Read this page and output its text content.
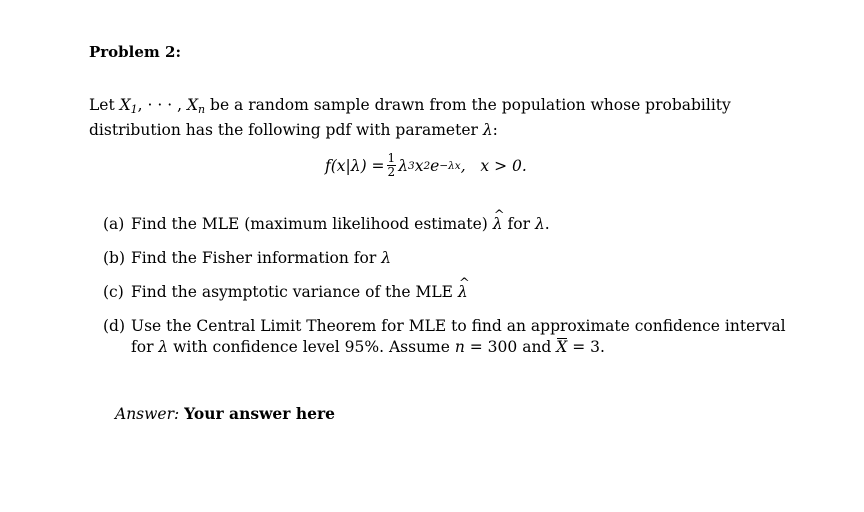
Problem 2:
Let $X_1$, · · · , $X_n$ be a random sample drawn from the population whose probability distribution has the following pdf with parameter λ:
$f(x|\lambda) = \frac{1}{2}$ λ 3 x 2 e −λx ,   x > 0.
(a) Find the MLE (maximum likelihood estimate) ^ λ for λ.
(b) Find the Fisher information for λ
(c) Find the asymptotic variance of the MLE ^ λ
(d) Use the Central Limit Theorem for MLE to find an approximate confidence interval for λ with confidence level 95%. Assume n = 300 and X = 3.
Answer: Your answer here
